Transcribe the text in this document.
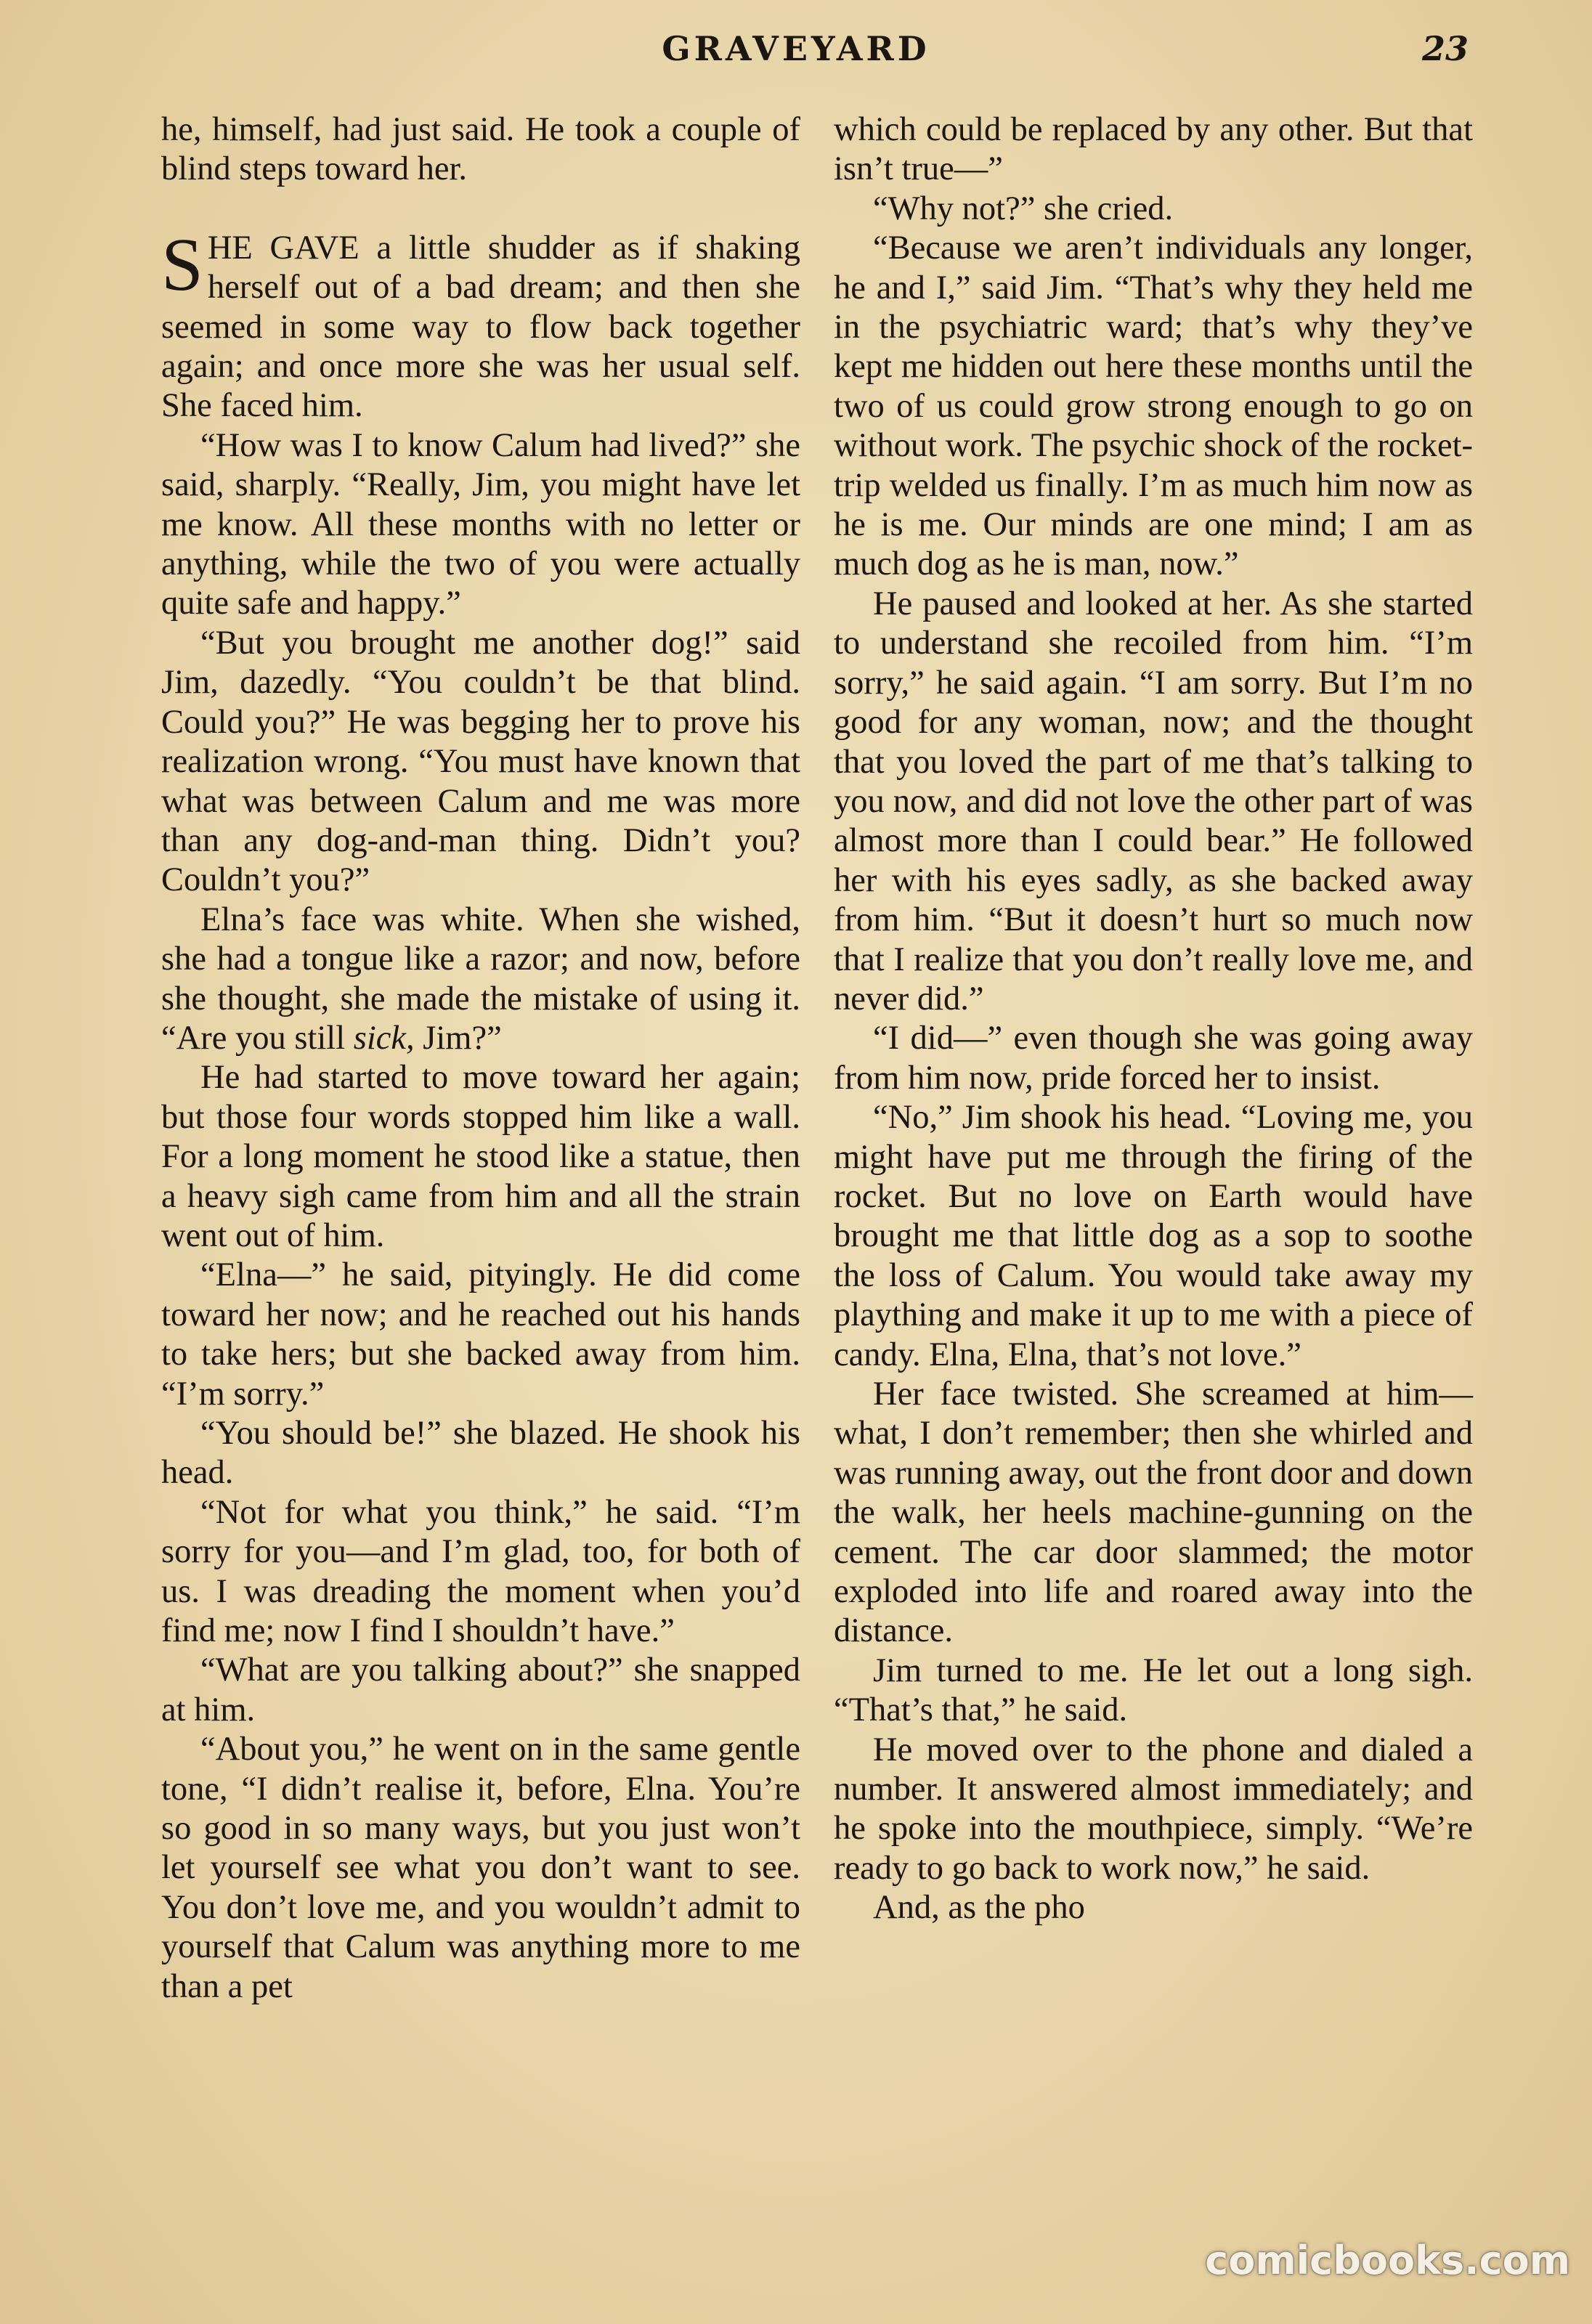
GRAVEYARD	23

he, himself, had just said. He took a couple of blind steps toward her.

SHE GAVE a little shudder as if shaking herself out of a bad dream; and then she seemed in some way to flow back together again; and once more she was her usual self. She faced him.

“How was I to know Calum had lived?” she said, sharply. “Really, Jim, you might have let me know. All these months with no letter or anything, while the two of you were actually quite safe and happy.”

“But you brought me another dog!” said Jim, dazedly. “You couldn’t be that blind. Could you?” He was begging her to prove his realization wrong. “You must have known that what was between Calum and me was more than any dog-and-man thing. Didn’t you? Couldn’t you?”

Elna’s face was white. When she wished, she had a tongue like a razor; and now, before she thought, she made the mistake of using it. “Are you still sick, Jim?”

He had started to move toward her again; but those four words stopped him like a wall. For a long moment he stood like a statue, then a heavy sigh came from him and all the strain went out of him.

“Elna—” he said, pityingly. He did come toward her now; and he reached out his hands to take hers; but she backed away from him. “I’m sorry.”

“You should be!” she blazed. He shook his head.

“Not for what you think,” he said. “I’m sorry for you—and I’m glad, too, for both of us. I was dreading the moment when you’d find me; now I find I shouldn’t have.”

“What are you talking about?” she snapped at him.

“About you,” he went on in the same gentle tone, “I didn’t realise it, before, Elna. You’re so good in so many ways, but you just won’t let yourself see what you don’t want to see. You don’t love me, and you wouldn’t admit to yourself that Calum was anything more to me than a pet

which could be replaced by any other. But that isn’t true—”

“Why not?” she cried.

“Because we aren’t individuals any longer, he and I,” said Jim. “That’s why they held me in the psychiatric ward; that’s why they’ve kept me hidden out here these months until the two of us could grow strong enough to go on without work. The psychic shock of the rocket-trip welded us finally. I’m as much him now as he is me. Our minds are one mind; I am as much dog as he is man, now.”

He paused and looked at her. As she started to understand she recoiled from him. “I’m sorry,” he said again. “I am sorry. But I’m no good for any woman, now; and the thought that you loved the part of me that’s talking to you now, and did not love the other part of was almost more than I could bear.” He followed her with his eyes sadly, as she backed away from him. “But it doesn’t hurt so much now that I realize that you don’t really love me, and never did.”

“I did—” even though she was going away from him now, pride forced her to insist.

“No,” Jim shook his head. “Loving me, you might have put me through the firing of the rocket. But no love on Earth would have brought me that little dog as a sop to soothe the loss of Calum. You would take away my plaything and make it up to me with a piece of candy. Elna, Elna, that’s not love.”

Her face twisted. She screamed at him—what, I don’t remember; then she whirled and was running away, out the front door and down the walk, her heels machine-gunning on the cement. The car door slammed; the motor exploded into life and roared away into the distance.

Jim turned to me. He let out a long sigh. “That’s that,” he said.

He moved over to the phone and dialed a number. It answered almost immediately; and he spoke into the mouthpiece, simply. “We’re ready to go back to work now,” he said.

And, as the pho

comicbooks.com
